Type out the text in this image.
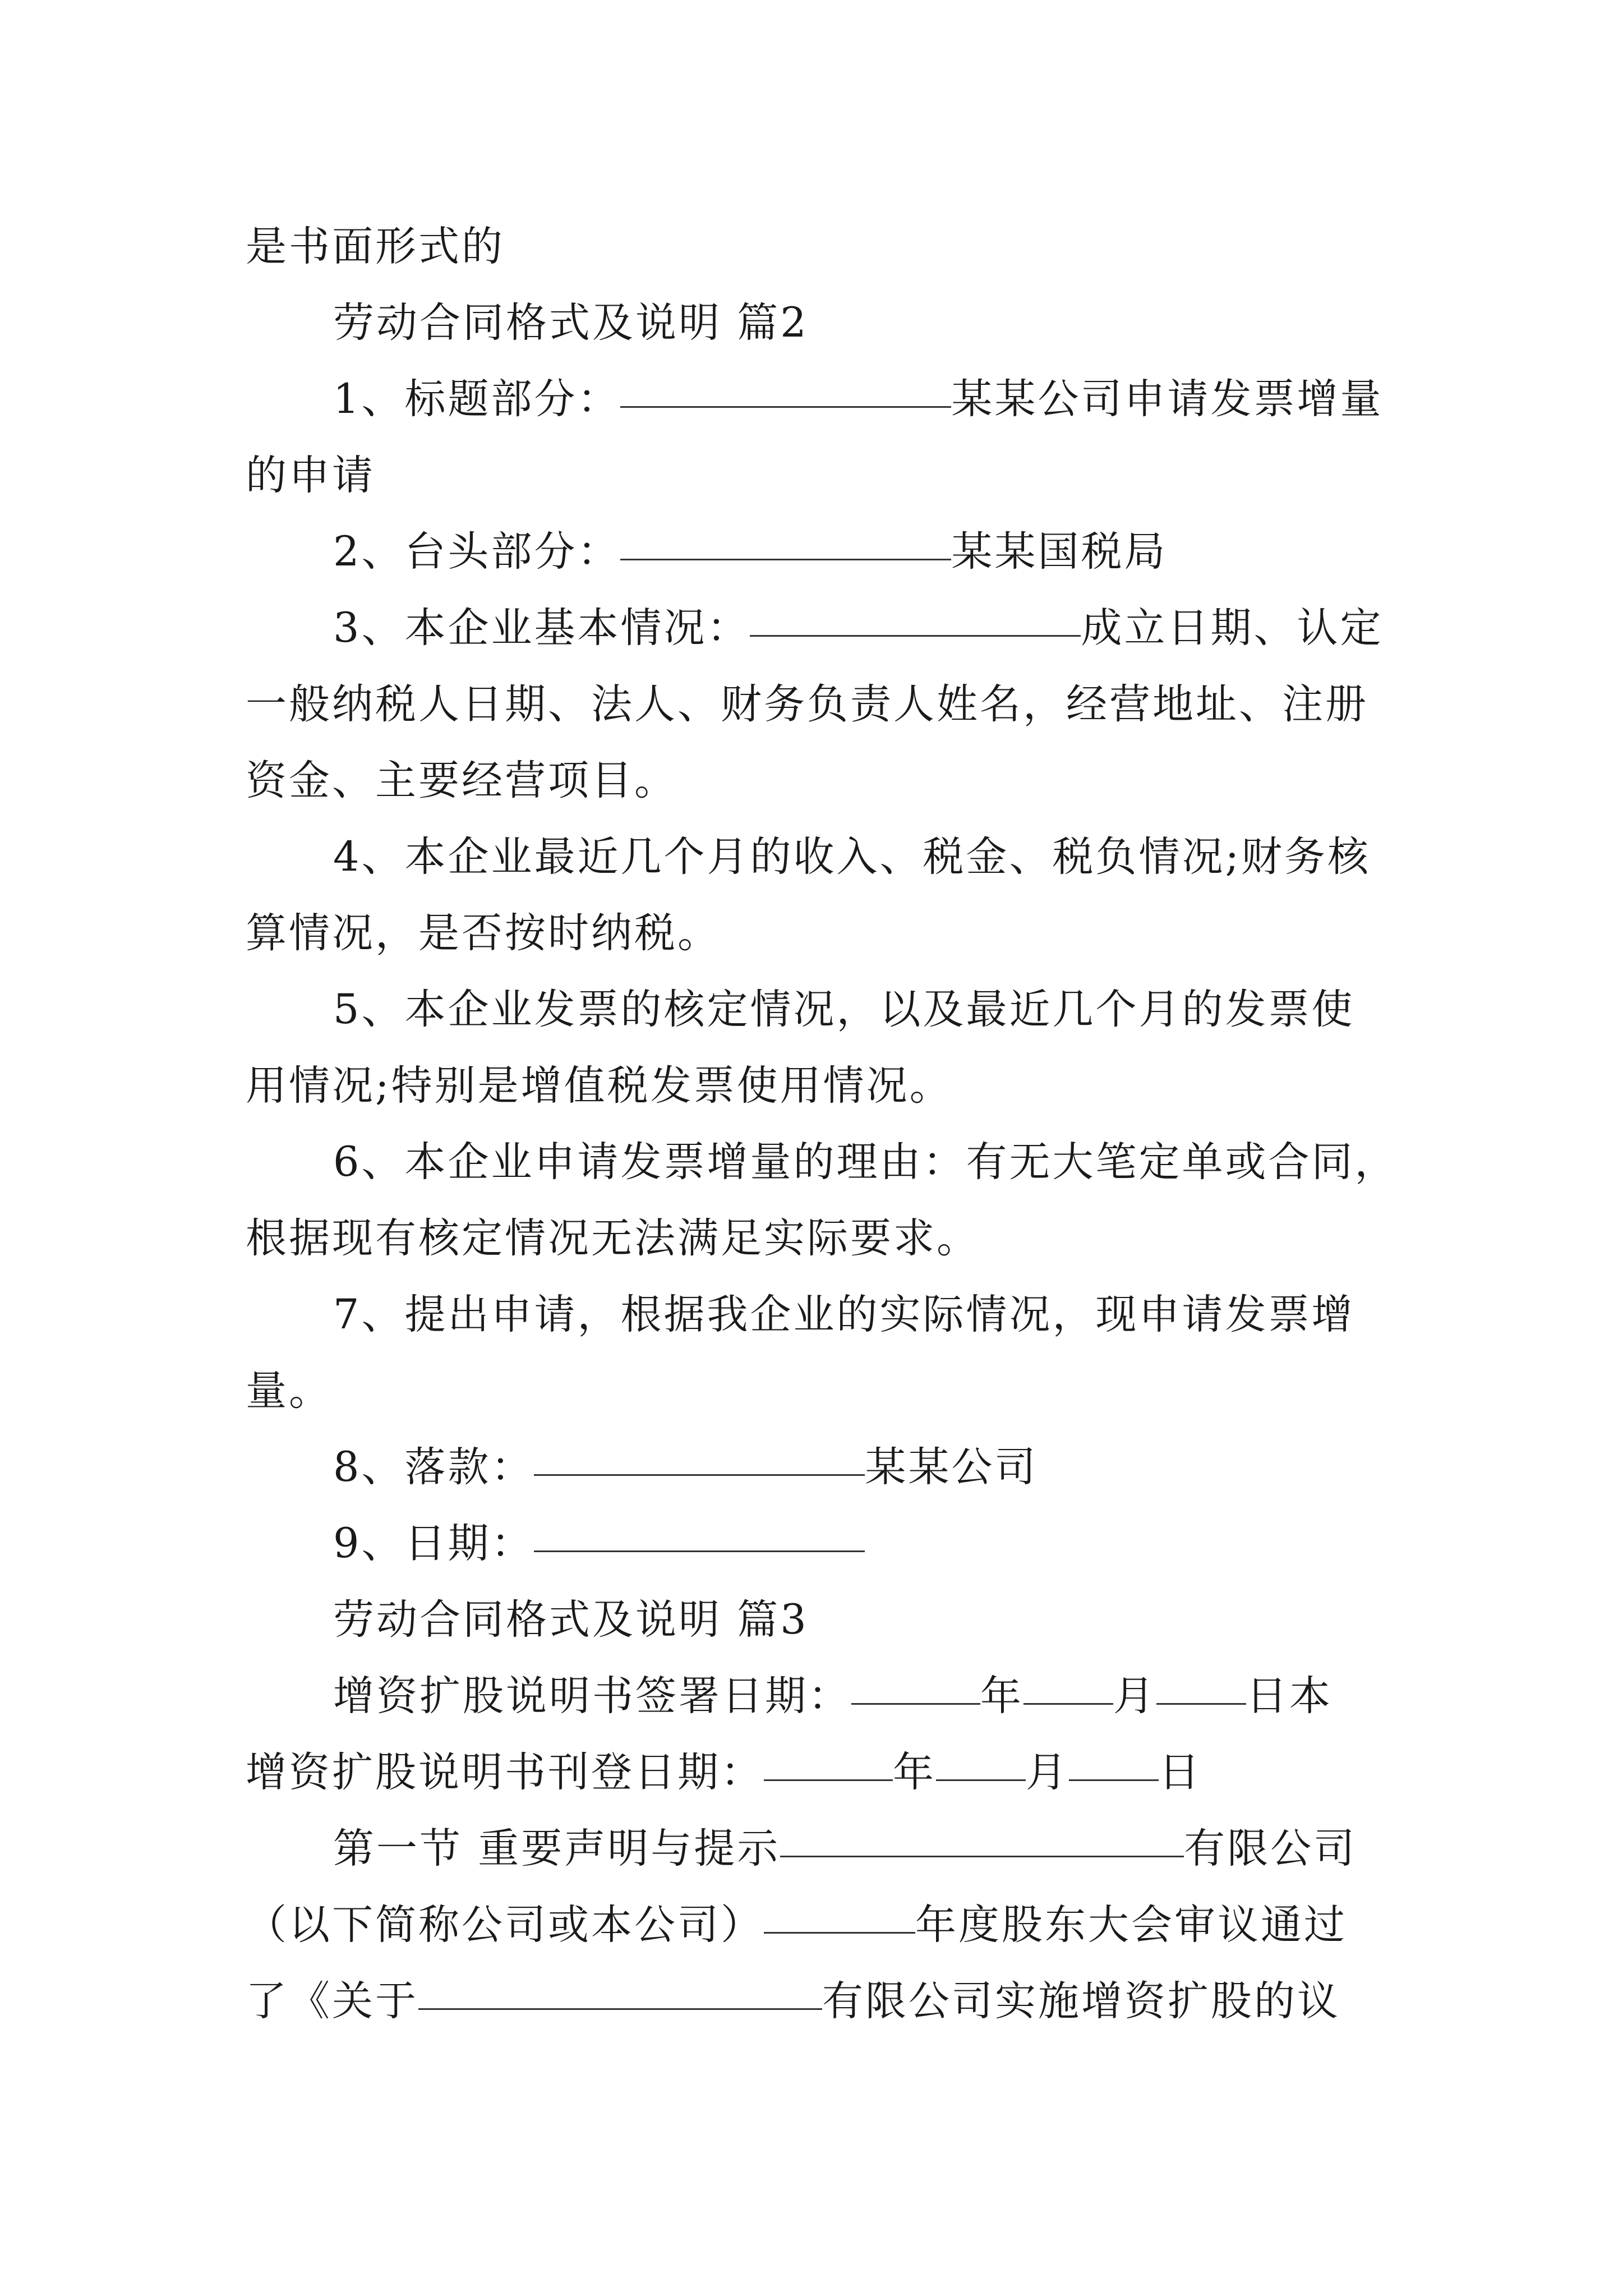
是书面形式的
劳动合同格式及说明 篇2
1、标题部分：	某某公司申请发票增量
的申请
2、台头部分：	某某国税局
3、本企业基本情况：	成立日期、认定
一般纳税人日期、法人、财务负责人姓名，经营地址、注册
资金、主要经营项目。
4、本企业最近几个月的收入、税金、税负情况;财务核
算情况，是否按时纳税。
5、本企业发票的核定情况，以及最近几个月的发票使
用情况;特别是增值税发票使用情况。
6、本企业申请发票增量的理由：有无大笔定单或合同，
根据现有核定情况无法满足实际要求。
7、提出申请，根据我企业的实际情况，现申请发票增
量。
8、落款：	某某公司
9、日期：
劳动合同格式及说明 篇3
增资扩股说明书签署日期：	年 月 日本
增资扩股说明书刊登日期：	年 月 日
第一节 重要声明与提示	有限公司
（以下简称公司或本公司）	年度股东大会审议通过
了《关于	有限公司实施增资扩股的议
